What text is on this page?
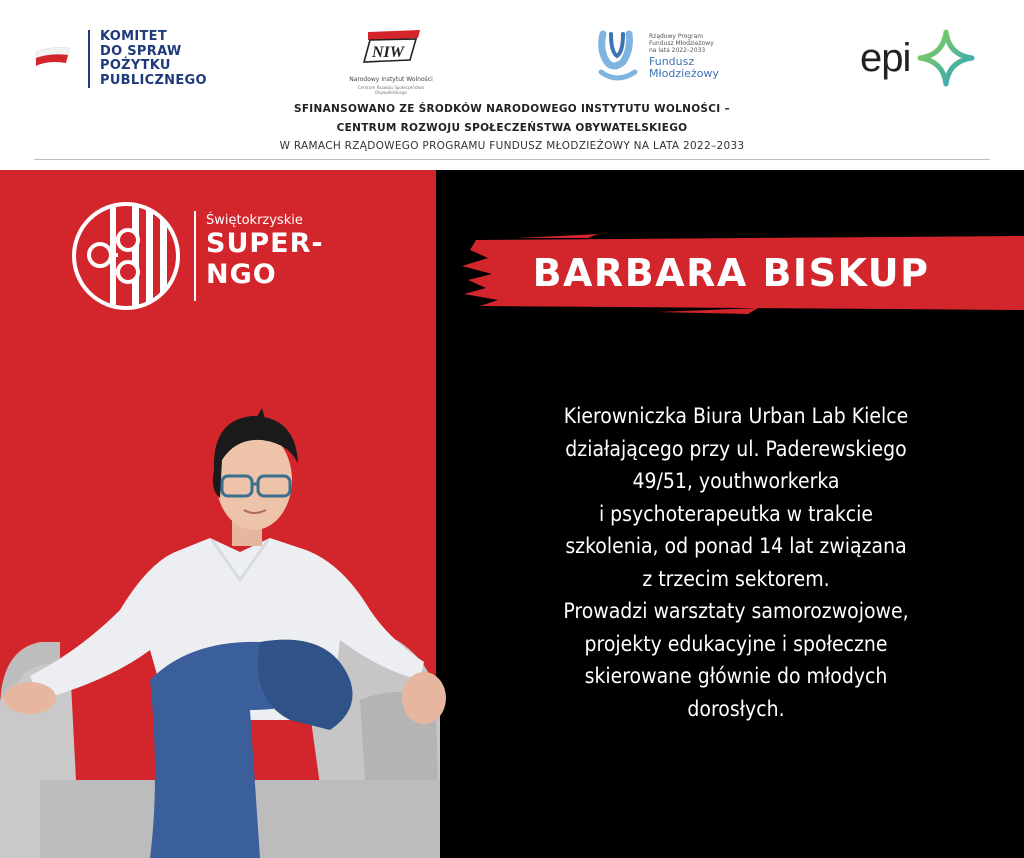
KOMITET
DO SPRAW
POŻYTKU
PUBLICZNEGO
NIW
Narodowy Instytut Wolności
Centrum Rozwoju Społeczeństwa Obywatelskiego
Rządowy Program
Fundusz Młodzieżowy
na lata 2022–2033
Fundusz
Młodzieżowy	epi
SFINANSOWANO ZE ŚRODKÓW NARODOWEGO INSTYTUTU WOLNOŚCI –
CENTRUM ROZWOJU SPOŁECZEŃSTWA OBYWATELSKIEGO
W RAMACH RZĄDOWEGO PROGRAMU FUNDUSZ MŁODZIEŻOWY NA LATA 2022–2033
Świętokrzyskie
SUPER-
NGO	BARBARA BISKUP
Kierowniczka Biura Urban Lab Kielce
działającego przy ul. Paderewskiego
49/51, youthworkerka
i psychoterapeutka w trakcie
szkolenia, od ponad 14 lat związana
z trzecim sektorem.
Prowadzi warsztaty samorozwojowe,
projekty edukacyjne i społeczne
skierowane głównie do młodych
dorosłych.
